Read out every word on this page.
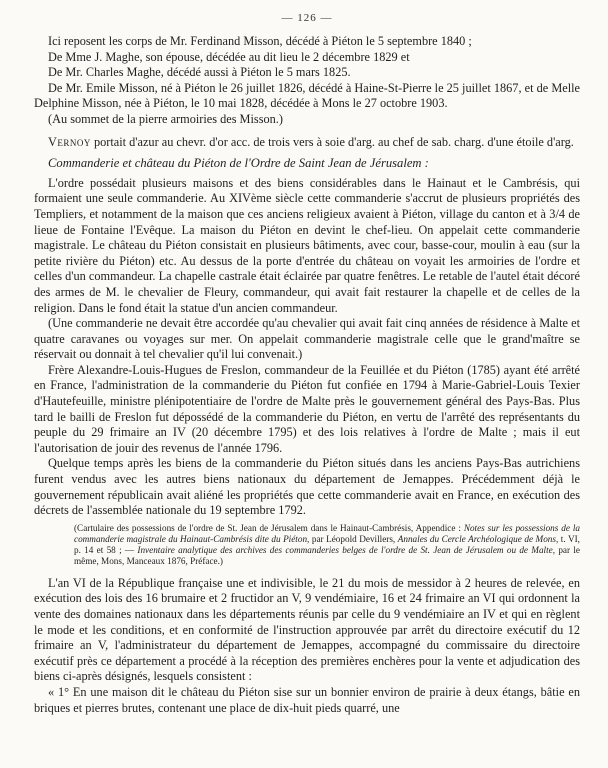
— 126 —

Ici reposent les corps de Mr. Ferdinand Misson, décédé à Piéton le 5 septembre 1840 ;

De Mme J. Maghe, son épouse, décédée au dit lieu le 2 décembre 1829 et

De Mr. Charles Maghe, décédé aussi à Piéton le 5 mars 1825.

De Mr. Emile Misson, né à Piéton le 26 juillet 1826, décédé à Haine-St-Pierre le 25 juillet 1867, et de Melle Delphine Misson, née à Piéton, le 10 mai 1828, décédée à Mons le 27 octobre 1903.

(Au sommet de la pierre armoiries des Misson.)

Vernoy portait d'azur au chevr. d'or acc. de trois vers à soie d'arg. au chef de sab. charg. d'une étoile d'arg.

Commanderie et château du Piéton de l'Ordre de Saint Jean de Jérusalem :

L'ordre possédait plusieurs maisons et des biens considérables dans le Hainaut et le Cambrésis, qui formaient une seule commanderie. Au XIVème siècle cette commanderie s'accrut de plusieurs propriétés des Templiers, et notamment de la maison que ces anciens religieux avaient à Piéton, village du canton et à 3/4 de lieue de Fontaine l'Evêque. La maison du Piéton en devint le chef-lieu. On appelait cette commanderie magistrale. Le château du Piéton consistait en plusieurs bâtiments, avec cour, basse-cour, moulin à eau (sur la petite rivière du Piéton) etc. Au dessus de la porte d'entrée du château on voyait les armoiries de l'ordre et celles d'un commandeur. La chapelle castrale était éclairée par quatre fenêtres. Le retable de l'autel était décoré des armes de M. le chevalier de Fleury, commandeur, qui avait fait restaurer la chapelle et de celles de la religion. Dans le fond était la statue d'un ancien commandeur.

(Une commanderie ne devait être accordée qu'au chevalier qui avait fait cinq années de résidence à Malte et quatre caravanes ou voyages sur mer. On appelait commanderie magistrale celle que le grand'maître se réservait ou donnait à tel chevalier qu'il lui convenait.)

Frère Alexandre-Louis-Hugues de Freslon, commandeur de la Feuillée et du Piéton (1785) ayant été arrêté en France, l'administration de la commanderie du Piéton fut confiée en 1794 à Marie-Gabriel-Louis Texier d'Hautefeuille, ministre plénipotentiaire de l'ordre de Malte près le gouvernement général des Pays-Bas. Plus tard le bailli de Freslon fut dépossédé de la commanderie du Piéton, en vertu de l'arrêté des représentants du peuple du 29 frimaire an IV (20 décembre 1795) et des lois relatives à l'ordre de Malte ; mais il eut l'autorisation de jouir des revenus de l'année 1796.

Quelque temps après les biens de la commanderie du Piéton situés dans les anciens Pays-Bas autrichiens furent vendus avec les autres biens nationaux du département de Jemappes. Précédemment déjà le gouvernement républicain avait aliéné les propriétés que cette commanderie avait en France, en exécution des décrets de l'assemblée nationale du 19 septembre 1792.

(Cartulaire des possessions de l'ordre de St. Jean de Jérusalem dans le Hainaut-Cambrésis, Appendice : Notes sur les possessions de la commanderie magistrale du Hainaut-Cambrésis dite du Piéton, par Léopold Devillers, Annales du Cercle Archéologique de Mons, t. VI, p. 14 et 58 ; — Inventaire analytique des archives des commanderies belges de l'ordre de St. Jean de Jérusalem ou de Malte, par le même, Mons, Manceaux 1876, Préface.)

L'an VI de la République française une et indivisible, le 21 du mois de messidor à 2 heures de relevée, en exécution des lois des 16 brumaire et 2 fructidor an V, 9 vendémiaire, 16 et 24 frimaire an VI qui ordonnent la vente des domaines nationaux dans les départements réunis par celle du 9 vendémiaire an IV et qui en règlent le mode et les conditions, et en conformité de l'instruction approuvée par arrêt du directoire exécutif du 12 frimaire an V, l'administrateur du département de Jemappes, accompagné du commissaire du directoire exécutif près ce département a procédé à la réception des premières enchères pour la vente et adjudication des biens ci-après désignés, lesquels consistent :

« 1° En une maison dit le château du Piéton sise sur un bonnier environ de prairie à deux étangs, bâtie en briques et pierres brutes, contenant une place de dix-huit pieds quarré, une
